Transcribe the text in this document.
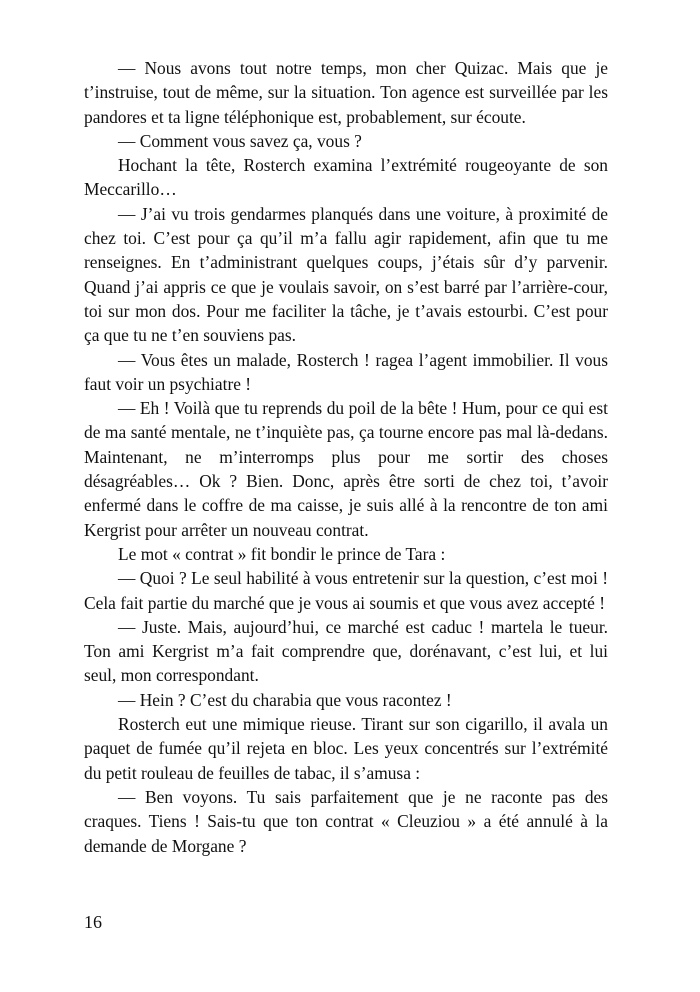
— Nous avons tout notre temps, mon cher Quizac. Mais que je t’instruise, tout de même, sur la situation. Ton agence est surveillée par les pandores et ta ligne téléphonique est, probablement, sur écoute.

— Comment vous savez ça, vous ?

Hochant la tête, Rosterch examina l’extrémité rougeoyante de son Meccarillo…

— J’ai vu trois gendarmes planqués dans une voiture, à proximité de chez toi. C’est pour ça qu’il m’a fallu agir rapidement, afin que tu me renseignes. En t’administrant quelques coups, j’étais sûr d’y parvenir. Quand j’ai appris ce que je voulais savoir, on s’est barré par l’arrière-cour, toi sur mon dos. Pour me faciliter la tâche, je t’avais estourbi. C’est pour ça que tu ne t’en souviens pas.

— Vous êtes un malade, Rosterch ! ragea l’agent immobilier. Il vous faut voir un psychiatre !

— Eh ! Voilà que tu reprends du poil de la bête ! Hum, pour ce qui est de ma santé mentale, ne t’inquiète pas, ça tourne encore pas mal là-dedans. Maintenant, ne m’interromps plus pour me sortir des choses désagréables… Ok ? Bien. Donc, après être sorti de chez toi, t’avoir enfermé dans le coffre de ma caisse, je suis allé à la rencontre de ton ami Kergrist pour arrêter un nouveau contrat.

Le mot « contrat » fit bondir le prince de Tara :

— Quoi ? Le seul habilité à vous entretenir sur la question, c’est moi ! Cela fait partie du marché que je vous ai soumis et que vous avez accepté !

— Juste. Mais, aujourd’hui, ce marché est caduc ! martela le tueur. Ton ami Kergrist m’a fait comprendre que, dorénavant, c’est lui, et lui seul, mon correspondant.

— Hein ? C’est du charabia que vous racontez !

Rosterch eut une mimique rieuse. Tirant sur son cigarillo, il avala un paquet de fumée qu’il rejeta en bloc. Les yeux concentrés sur l’extrémité du petit rouleau de feuilles de tabac, il s’amusa :

— Ben voyons. Tu sais parfaitement que je ne raconte pas des craques. Tiens ! Sais-tu que ton contrat « Cleuziou » a été annulé à la demande de Morgane ?

16
